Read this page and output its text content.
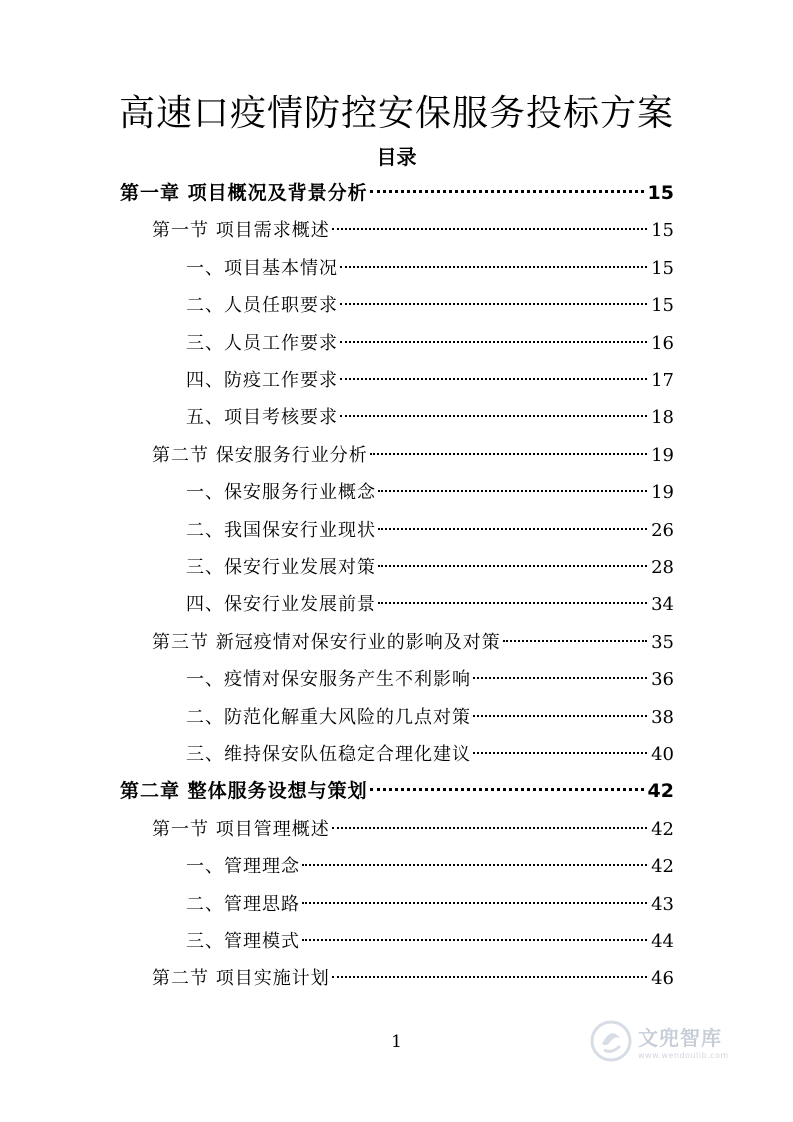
高速口疫情防控安保服务投标方案
目录
第一章 项目概况及背景分析	15
第一节 项目需求概述	15
一、项目基本情况	15
二、人员任职要求	15
三、人员工作要求	16
四、防疫工作要求	17
五、项目考核要求	18
第二节 保安服务行业分析	19
一、保安服务行业概念	19
二、我国保安行业现状	26
三、保安行业发展对策	28
四、保安行业发展前景	34
第三节 新冠疫情对保安行业的影响及对策	35
一、疫情对保安服务产生不利影响	36
二、防范化解重大风险的几点对策	38
三、维持保安队伍稳定合理化建议	40
第二章 整体服务设想与策划	42
第一节 项目管理概述	42
一、管理理念	42
二、管理思路	43
三、管理模式	44
第二节 项目实施计划	46
1	文兜智库
www.wendoulib.com
